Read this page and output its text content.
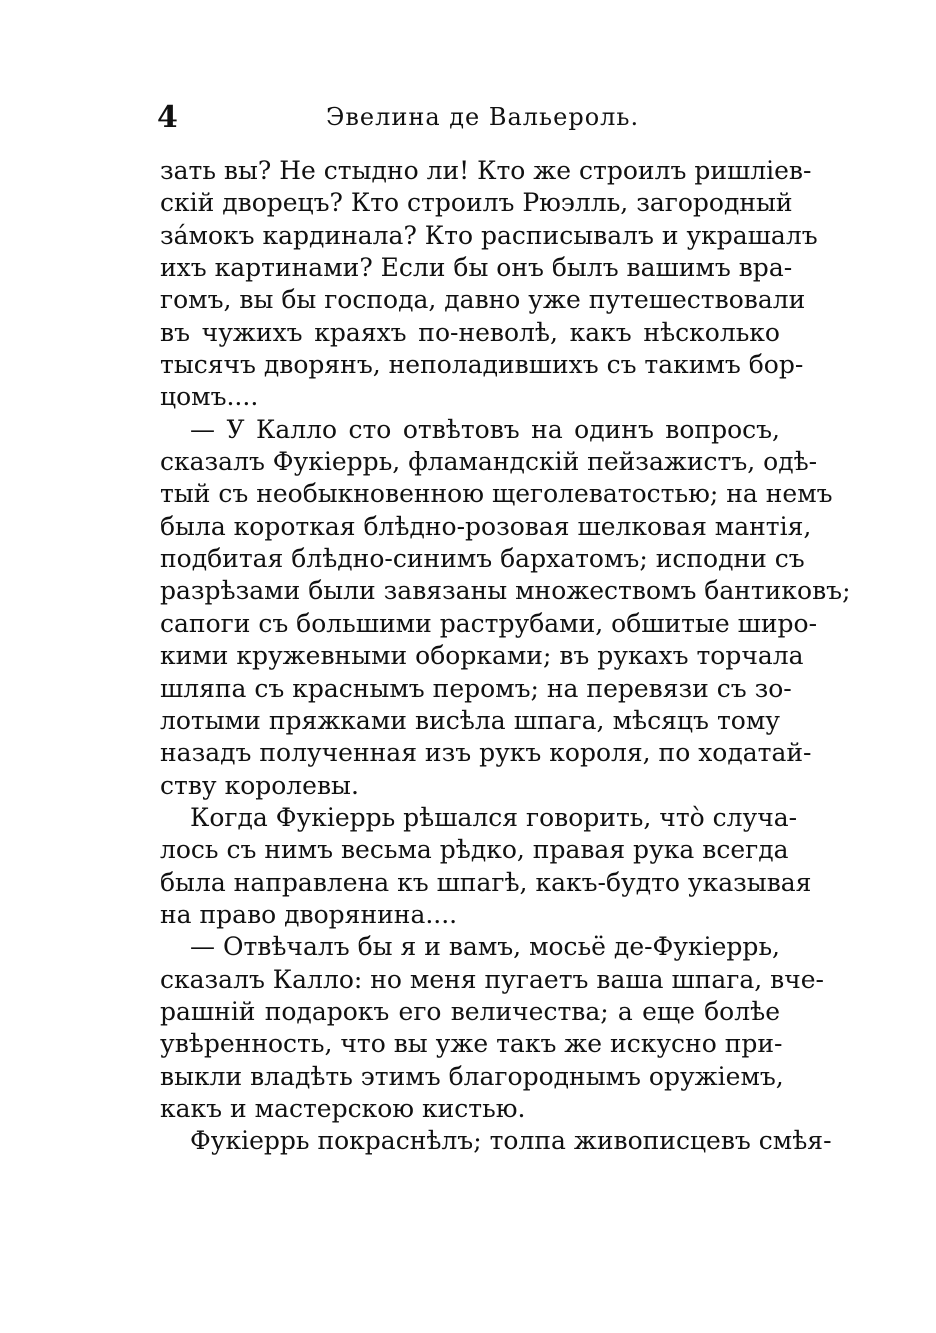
4	Эвелина де Вальероль.
зать вы? Не стыдно ли! Кто же строилъ ришліев-
скій дворецъ? Кто строилъ Рюэлль, загородный
зáмокъ кардинала? Кто расписывалъ и украшалъ
ихъ картинами? Если бы онъ былъ вашимъ вра-
гомъ, вы бы господа, давно уже путешествовали
въ чужихъ краяхъ по-неволѣ, какъ нѣсколько
тысячъ дворянъ, неполадившихъ съ такимъ бор-
цомъ....
— У Калло сто отвѣтовъ на одинъ вопросъ,
сказалъ Фукіеррь, фламандскій пейзажистъ, одѣ-
тый съ необыкновенною щеголеватостью; на немъ
была короткая блѣдно-розовая шелковая мантія,
подбитая блѣдно-синимъ бархатомъ; исподни съ
разрѣзами были завязаны множествомъ бантиковъ;
сапоги съ большими раструбами, обшитые широ-
кими кружевными оборками; въ рукахъ торчала
шляпа съ краснымъ перомъ; на перевязи съ зо-
лотыми пряжками висѣла шпага, мѣсяцъ тому
назадъ полученная изъ рукъ короля, по ходатай-
ству королевы.
Когда Фукіеррь рѣшался говорить, что̀ случа-
лось съ нимъ весьма рѣдко, правая рука всегда
была направлена къ шпагѣ, какъ-будто указывая
на право дворянина....
— Отвѣчалъ бы я и вамъ, мосьё де-Фукіеррь,
сказалъ Калло: но меня пугаетъ ваша шпага, вче-
рашній подарокъ его величества; а еще болѣе
увѣренность, что вы уже такъ же искусно при-
выкли владѣть этимъ благороднымъ оружіемъ,
какъ и мастерскою кистью.
Фукіеррь покраснѣлъ; толпа живописцевъ смѣя-
